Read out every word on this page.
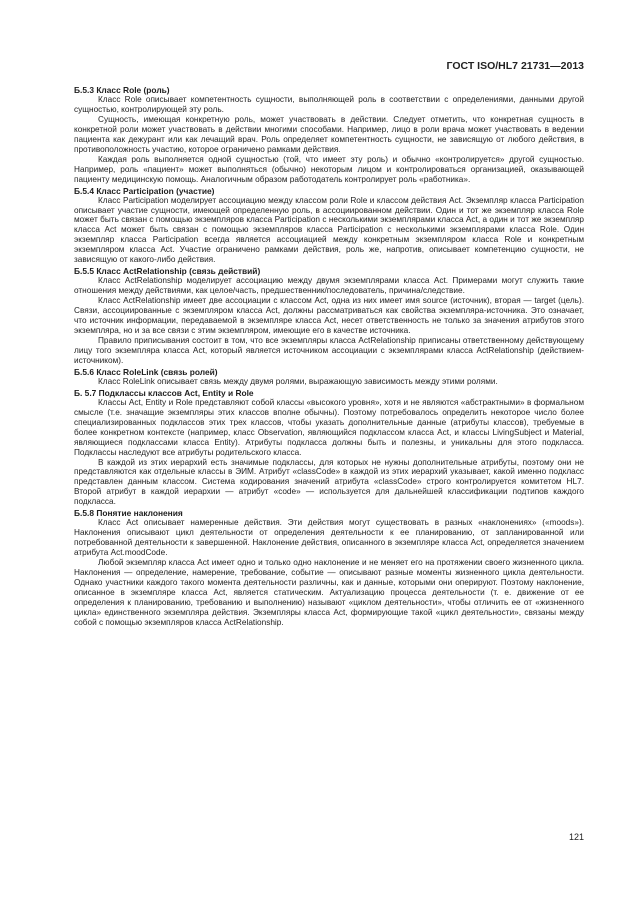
ГОСТ ISO/HL7 21731—2013
Б.5.3 Класс Role (роль)

Класс Role описывает компетентность сущности, выполняющей роль в соответствии с определениями, данными другой сущностью, контролирующей эту роль.

Сущность, имеющая конкретную роль, может участвовать в действии. Следует отметить, что конкретная сущность в конкретной роли может участвовать в действии многими способами. Например, лицо в роли врача может участвовать в ведении пациента как дежурант или как лечащий врач. Роль определяет компетентность сущности, не зависящую от любого действия, в противоположность участию, которое ограничено рамками действия.

Каждая роль выполняется одной сущностью (той, что имеет эту роль) и обычно «контролируется» другой сущностью. Например, роль «пациент» может выполняться (обычно) некоторым лицом и контролироваться организацией, оказывающей пациенту медицинскую помощь. Аналогичным образом работодатель контролирует роль «работника».

Б.5.4 Класс Participation (участие)

Класс Participation моделирует ассоциацию между классом роли Role и классом действия Act. Экземпляр класса Participation описывает участие сущности, имеющей определенную роль, в ассоциированном действии. Один и тот же экземпляр класса Role может быть связан с помощью экземпляров класса Participation с несколькими экземплярами класса Act, а один и тот же экземпляр класса Act может быть связан с помощью экземпляров класса Participation с несколькими экземплярами класса Role. Один экземпляр класса Participation всегда является ассоциацией между конкретным экземпляром класса Role и конкретным экземпляром класса Act. Участие ограничено рамками действия, роль же, напротив, описывает компетенцию сущности, не зависящую от какого-либо действия.

Б.5.5 Класс ActRelationship (связь действий)

Класс ActRelationship моделирует ассоциацию между двумя экземплярами класса Act. Примерами могут служить такие отношения между действиями, как целое/часть, предшественник/последователь, причина/следствие.

Класс ActRelationship имеет две ассоциации с классом Act, одна из них имеет имя source (источник), вторая — target (цель). Связи, ассоциированные с экземпляром класса Act, должны рассматриваться как свойства экземпляра-источника. Это означает, что источник информации, передаваемой в экземпляре класса Act, несет ответственность не только за значения атрибутов этого экземпляра, но и за все связи с этим экземпляром, имеющие его в качестве источника.

Правило приписывания состоит в том, что все экземпляры класса ActRelationship приписаны ответственному действующему лицу того экземпляра класса Act, который является источником ассоциации с экземплярами класса ActRelationship (действием-источником).

Б.5.6 Класс RoleLink (связь ролей)

Класс RoleLink описывает связь между двумя ролями, выражающую зависимость между этими ролями.

Б. 5.7 Подклассы классов Act, Entity и Role

Классы Act, Entity и Role представляют собой классы «высокого уровня», хотя и не являются «абстрактными» в формальном смысле (т.е. значащие экземпляры этих классов вполне обычны). Поэтому потребовалось определить некоторое число более специализированных подклассов этих трех классов, чтобы указать дополнительные данные (атрибуты классов), требуемые в более конкретном контексте (например, класс Observation, являющийся подклассом класса Act, и классы LivingSubject и Material, являющиеся подклассами класса Entity). Атрибуты подкласса должны быть и полезны, и уникальны для этого подкласса. Подклассы наследуют все атрибуты родительского класса.

В каждой из этих иерархий есть значимые подклассы, для которых не нужны дополнительные атрибуты, поэтому они не представляются как отдельные классы в ЭИМ. Атрибут «classCode» в каждой из этих иерархий указывает, какой именно подкласс представлен данным классом. Система кодирования значений атрибута «classCode» строго контролируется комитетом HL7. Второй атрибут в каждой иерархии — атрибут «code» — используется для дальнейшей классификации подтипов каждого подкласса.

Б.5.8 Понятие наклонения

Класс Act описывает намеренные действия. Эти действия могут существовать в разных «наклонениях» («moods»). Наклонения описывают цикл деятельности от определения деятельности к ее планированию, от запланированной или потребованной деятельности к завершенной. Наклонение действия, описанного в экземпляре класса Act, определяется значением атрибута Act.moodCode.

Любой экземпляр класса Act имеет одно и только одно наклонение и не меняет его на протяжении своего жизненного цикла. Наклонения — определение, намерение, требование, событие — описывают разные моменты жизненного цикла деятельности. Однако участники каждого такого момента деятельности различны, как и данные, которыми они оперируют. Поэтому наклонение, описанное в экземпляре класса Act, является статическим. Актуализацию процесса деятельности (т. е. движение от ее определения к планированию, требованию и выполнению) называют «циклом деятельности», чтобы отличить ее от «жизненного цикла» единственного экземпляра действия. Экземпляры класса Act, формирующие такой «цикл деятельности», связаны между собой с помощью экземпляров класса ActRelationship.

121
